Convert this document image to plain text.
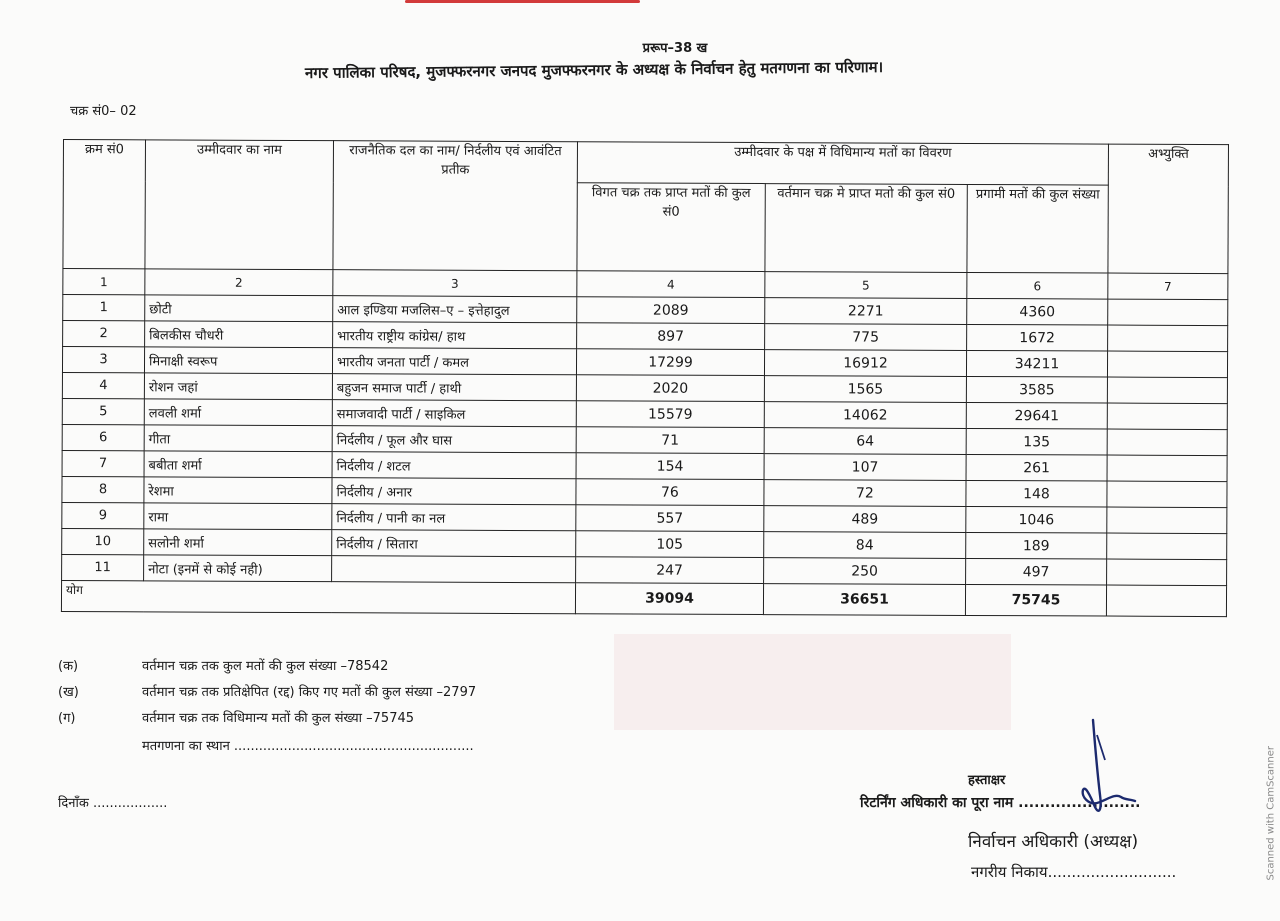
प्ररूप–38 ख
नगर पालिका परिषद, मुजफ्फरनगर जनपद मुजफ्फरनगर के अध्यक्ष के निर्वाचन हेतु मतगणना का परिणाम।
चक्र सं0– 02
क्रम सं0	उम्मीदवार का नाम	राजनैतिक दल का नाम/ निर्दलीय एवं आवंटित प्रतीक	उम्मीदवार के पक्ष में विधिमान्य मतों का विवरण			अभ्युक्ति
			विगत चक्र तक प्राप्त मतों की कुल सं0	वर्तमान चक्र मे प्राप्त मतो की कुल सं0	प्रगामी मतों की कुल संख्या	
1	2	3	4	5	6	7
1	छोटी	आल इण्डिया मजलिस–ए – इत्तेहादुल	2089	2271	4360	
2	बिलकीस चौधरी	भारतीय राष्ट्रीय कांग्रेस/ हाथ	897	775	1672	
3	मिनाक्षी स्वरूप	भारतीय जनता पार्टी / कमल	17299	16912	34211	
4	रोशन जहां	बहुजन समाज पार्टी / हाथी	2020	1565	3585	
5	लवली शर्मा	समाजवादी पार्टी / साइकिल	15579	14062	29641	
6	गीता	निर्दलीय / फूल और घास	71	64	135	
7	बबीता शर्मा	निर्दलीय / शटल	154	107	261	
8	रेशमा	निर्दलीय / अनार	76	72	148	
9	रामा	निर्दलीय / पानी का नल	557	489	1046	
10	सलोनी शर्मा	निर्दलीय / सितारा	105	84	189	
11	नोटा (इनमें से कोई नही)		247	250	497	
योग			39094	36651	75745	
(क)	वर्तमान चक्र तक कुल मतों की कुल संख्या –78542
(ख)	वर्तमान चक्र तक प्रतिक्षेपित (रद्द) किए गए मतों की कुल संख्या –2797
(ग)	वर्तमान चक्र तक विधिमान्य मतों की कुल संख्या –75745
मतगणना का स्थान ..........................................................
दिनाँक ..................
हस्ताक्षर
रिटर्निंग अधिकारी का पूरा नाम .......................
निर्वाचन अधिकारी (अध्यक्ष)
नगरीय निकाय...........................	Scanned with CamScanner
